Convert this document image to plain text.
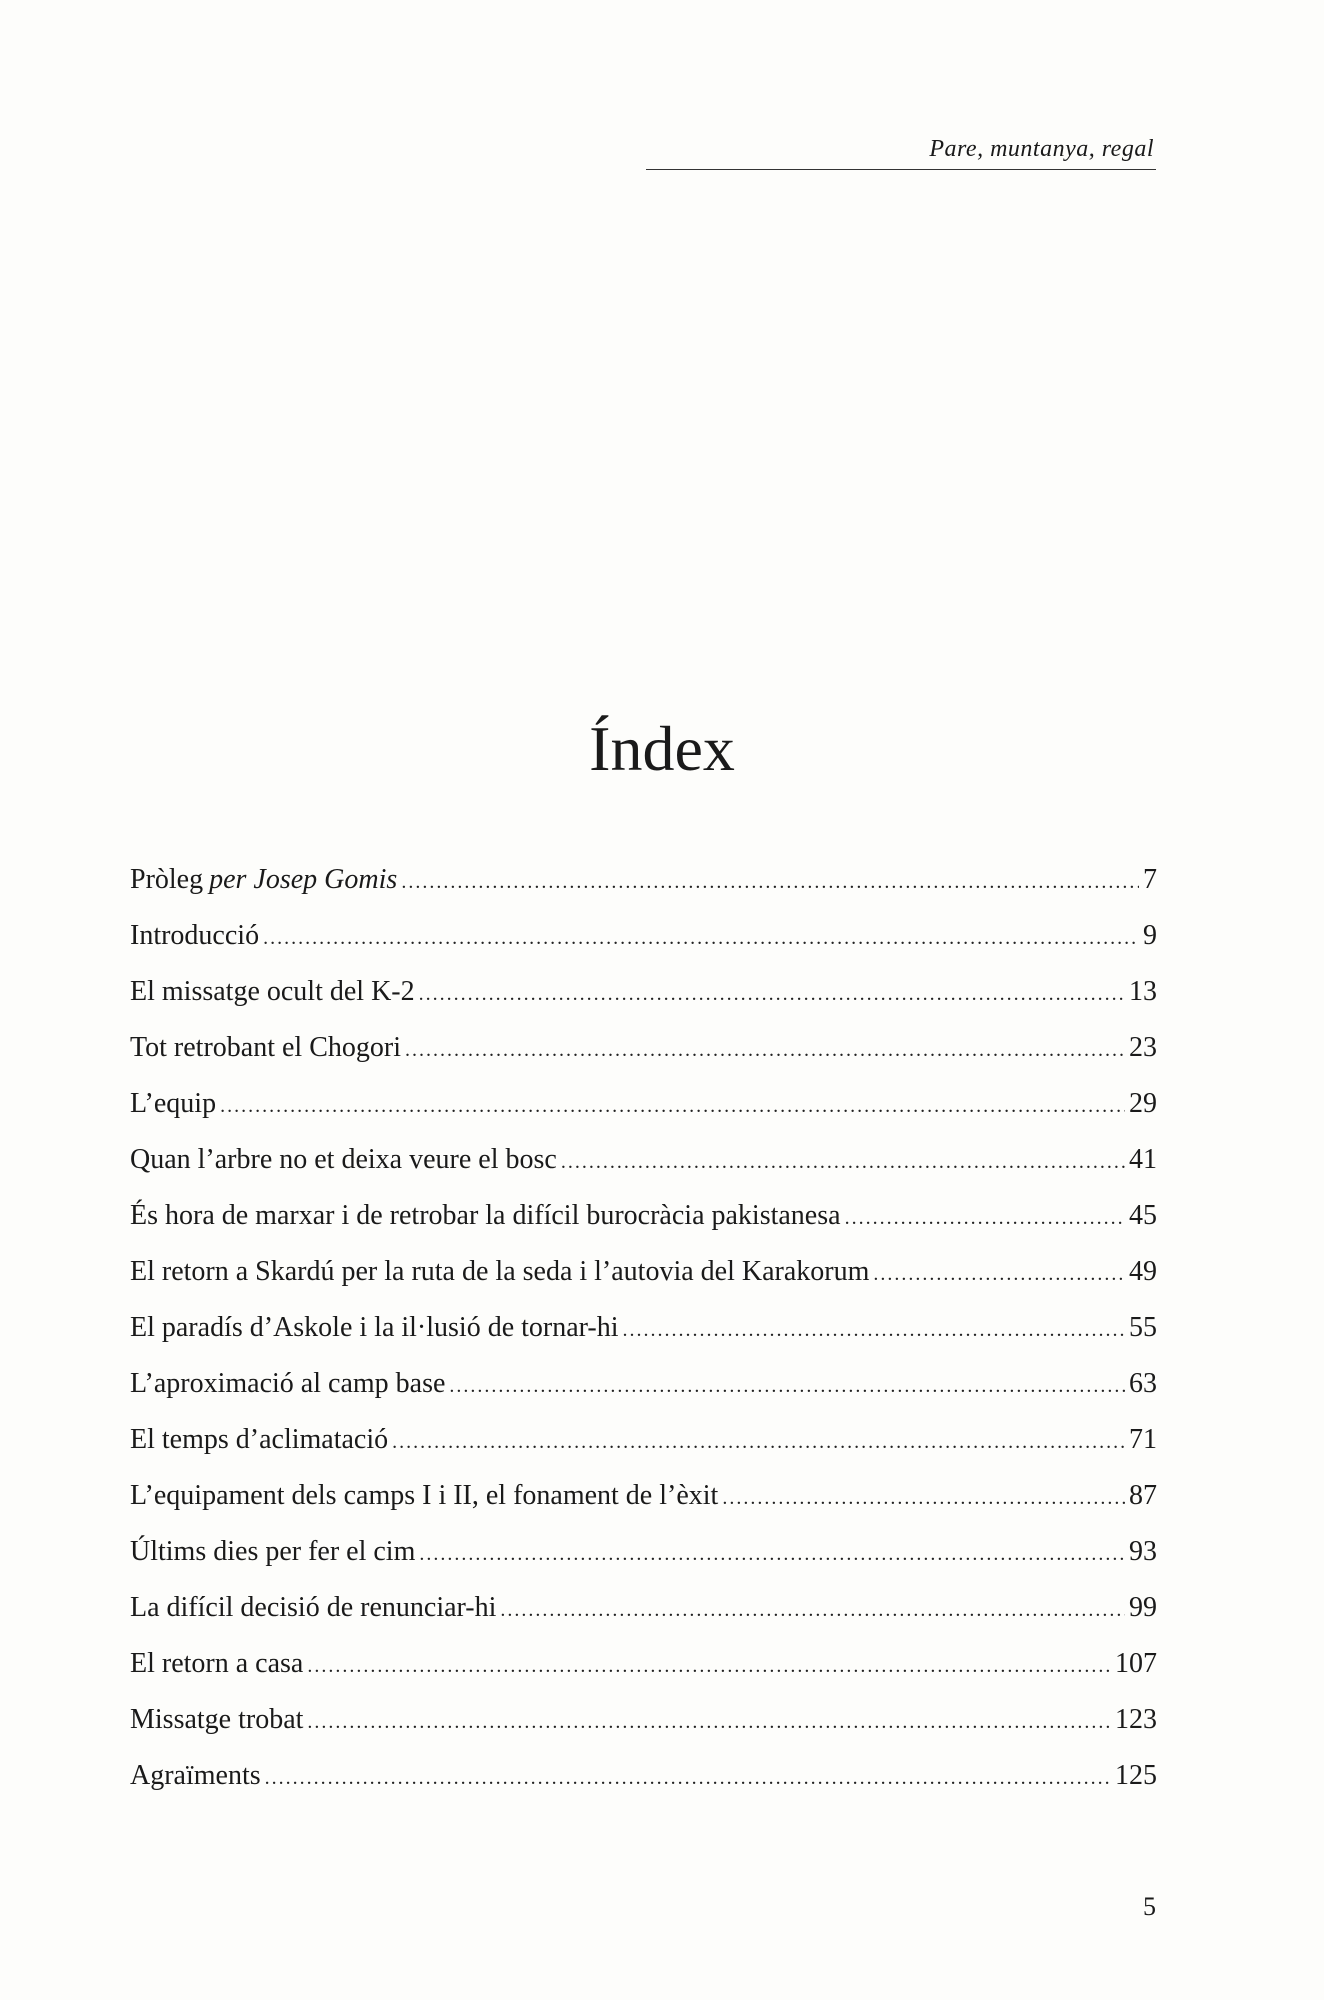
Pare, muntanya, regal
Índex
Pròleg per Josep Gomis .....	7
Introducció .....	9
El missatge ocult del K-2 .....	13
Tot retrobant el Chogori .....	23
L’equip .....	29
Quan l’arbre no et deixa veure el bosc .....	41
És hora de marxar i de retrobar la difícil burocràcia pakistanesa .....	45
El retorn a Skardú per la ruta de la seda i l’autovia del Karakorum .....	49
El paradís d’Askole i la il·lusió de tornar-hi .....	55
L’aproximació al camp base .....	63
El temps d’aclimatació .....	71
L’equipament dels camps I i II, el fonament de l’èxit .....	87
Últims dies per fer el cim .....	93
La difícil decisió de renunciar-hi .....	99
El retorn a casa .....	107
Missatge trobat .....	123
Agraïments .....	125
5
